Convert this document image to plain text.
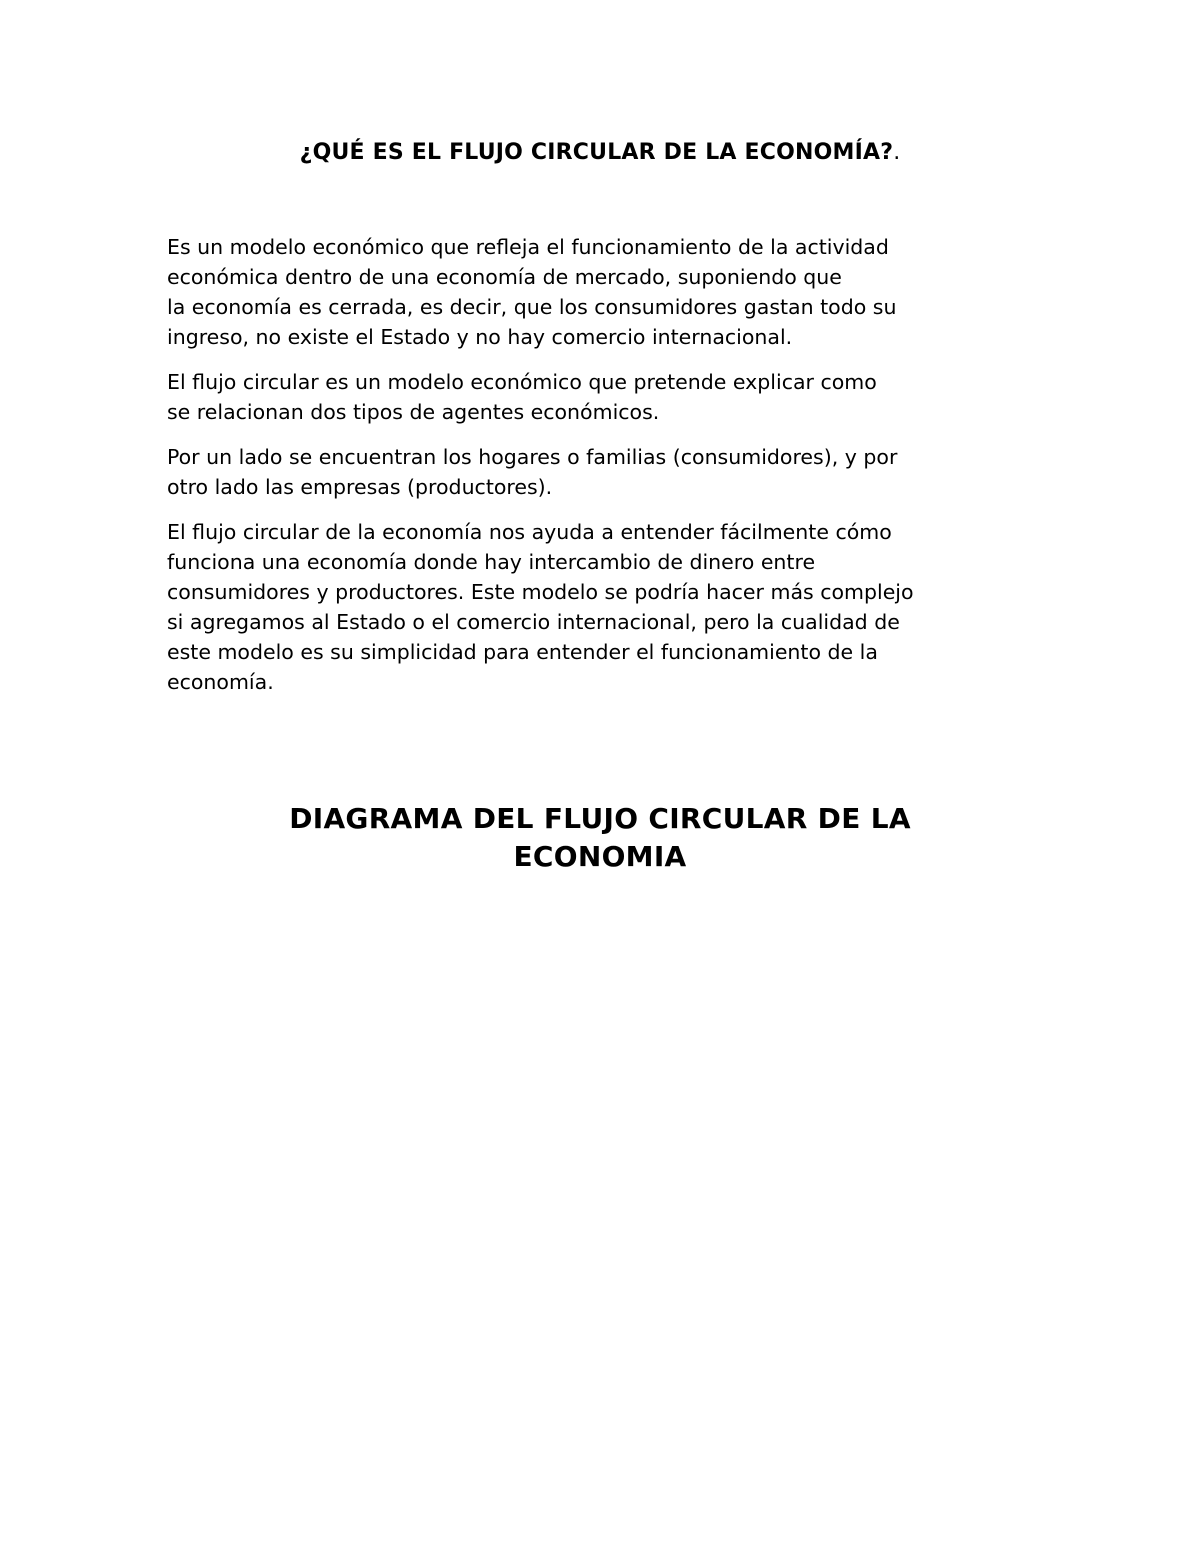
¿QUÉ ES EL FLUJO CIRCULAR DE LA ECONOMÍA?.

Es un modelo económico que refleja el funcionamiento de la actividad
económica dentro de una economía de mercado, suponiendo que
la economía es cerrada, es decir, que los consumidores gastan todo su
ingreso, no existe el Estado y no hay comercio internacional.

El flujo circular es un modelo económico que pretende explicar como
se relacionan dos tipos de agentes económicos.

Por un lado se encuentran los hogares o familias (consumidores), y por
otro lado las empresas (productores).

El flujo circular de la economía nos ayuda a entender fácilmente cómo
funciona una economía donde hay intercambio de dinero entre
consumidores y productores. Este modelo se podría hacer más complejo
si agregamos al Estado o el comercio internacional, pero la cualidad de
este modelo es su simplicidad para entender el funcionamiento de la
economía.

DIAGRAMA DEL FLUJO CIRCULAR DE LA
ECONOMIA
